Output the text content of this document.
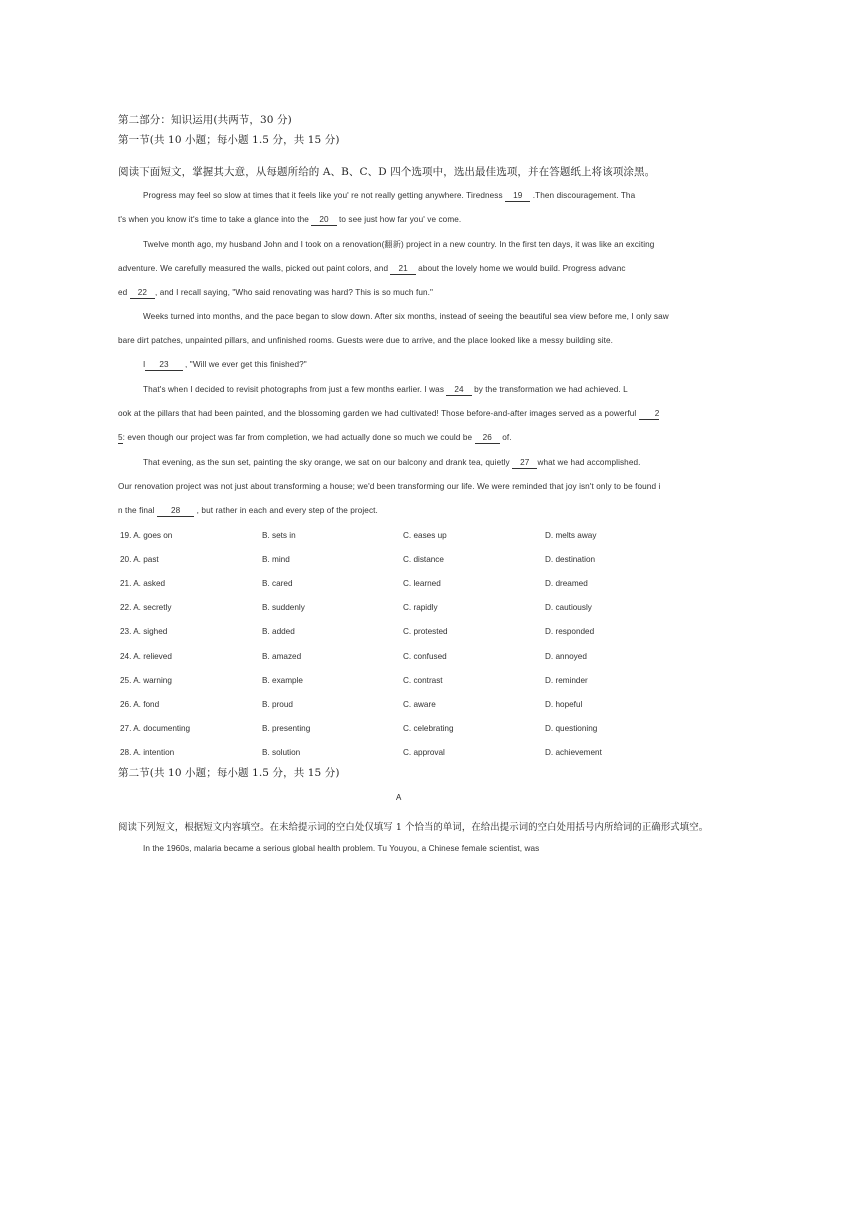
第二部分：知识运用(共两节，30 分)
第一节(共 10 小题；每小题 1.5 分，共 15 分)
阅读下面短文，掌握其大意，从每题所给的 A、B、C、D 四个选项中，选出最佳选项，并在答题纸上将该项涂黑。
Progress may feel so slow at times that it feels like you' re not really getting anywhere. Tiredness 19 .Then discouragement. Tha
t's when you know it's time to take a glance into the 20 to see just how far you' ve come.
Twelve month ago, my husband John and I took on a renovation(翻新) project in a new country. In the first ten days, it was like an exciting
adventure. We carefully measured the walls, picked out paint colors, and 21 about the lovely home we would build. Progress advanc
ed 22 , and I recall saying, "Who said renovating was hard? This is so much fun."
Weeks turned into months, and the pace began to slow down. After six months, instead of seeing the beautiful sea view before me, I only saw
bare dirt patches, unpainted pillars, and unfinished rooms. Guests were due to arrive, and the place looked like a messy building site.
I 23 , "Will we ever get this finished?"
That's when I decided to revisit photographs from just a few months earlier. I was 24 by the transformation we had achieved. L
ook at the pillars that had been painted, and the blossoming garden we had cultivated! Those before-and-after images served as a powerful 2
5: even though our project was far from completion, we had actually done so much we could be 26 of.
That evening, as the sun set, painting the sky orange, we sat on our balcony and drank tea, quietly 27 what we had accomplished.
Our renovation project was not just about transforming a house; we'd been transforming our life. We were reminded that joy isn't only to be found i
n the final 28 , but rather in each and every step of the project.
19. A. goes on	B. sets in	C. eases up	D. melts away
20. A. past	B. mind	C. distance	D. destination
21. A. asked	B. cared	C. learned	D. dreamed
22. A. secretly	B. suddenly	C. rapidly	D. cautiously
23. A. sighed	B. added	C. protested	D. responded
24. A. relieved	B. amazed	C. confused	D. annoyed
25. A. warning	B. example	C. contrast	D. reminder
26. A. fond	B. proud	C. aware	D. hopeful
27. A. documenting	B. presenting	C. celebrating	D. questioning
28. A. intention	B. solution	C. approval	D. achievement
第二节(共 10 小题；每小题 1.5 分，共 15 分)
A
阅读下列短文，根据短文内容填空。在未给提示词的空白处仅填写 1 个恰当的单词，在给出提示词的空白处用括号内所给词的正确形式填空。
In the 1960s, malaria became a serious global health problem. Tu Youyou, a Chinese female scientist, was
